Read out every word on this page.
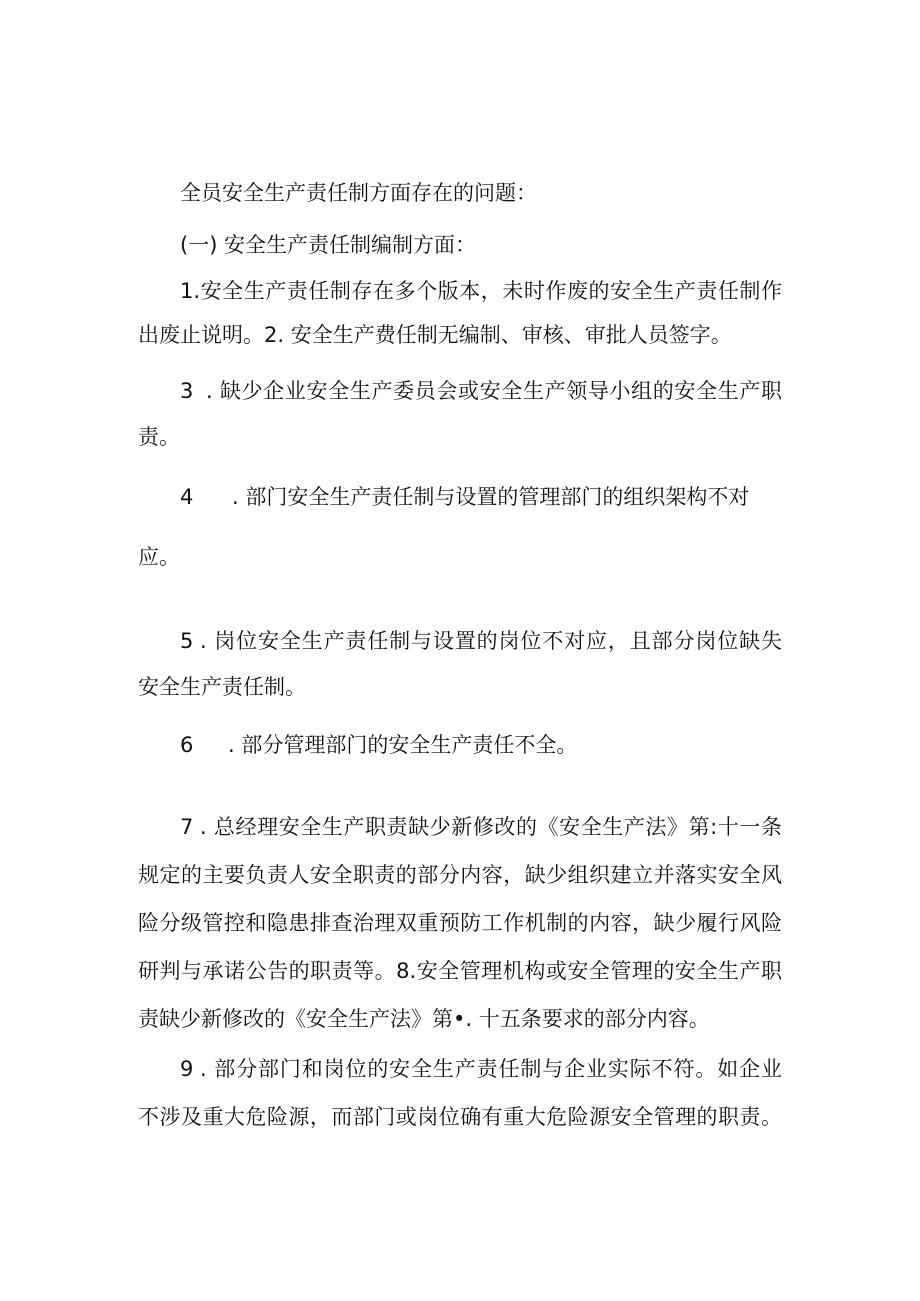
全员安全生产责任制方面存在的问题：
(一) 安全生产责任制编制方面：
1.安全生产责任制存在多个版本，未时作废的安全生产责任制作
出废止说明。2. 安全生产费任制无编制、审核、审批人员签字。
3 . 缺少企业安全生产委员会或安全生产领导小组的安全生产职
责。
4 . 部门安全生产责任制与设置的管理部门的组织架构不对
应。
5 . 岗位安全生产责任制与设置的岗位不对应，且部分岗位缺失
安全生产责任制。
6 . 部分管理部门的安全生产责任不全。
7 . 总经理安全生产职责缺少新修改的《安全生产法》第:十一条
规定的主要负责人安全职责的部分内容，缺少组织建立并落实安全风
险分级管控和隐患排查治理双重预防工作机制的内容，缺少履行风险
研判与承诺公告的职责等。8.安全管理机构或安全管理的安全生产职
责缺少新修改的《安全生产法》第•. 十五条要求的部分内容。
9 . 部分部门和岗位的安全生产责任制与企业实际不符。如企业
不涉及重大危险源，而部门或岗位确有重大危险源安全管理的职责。
